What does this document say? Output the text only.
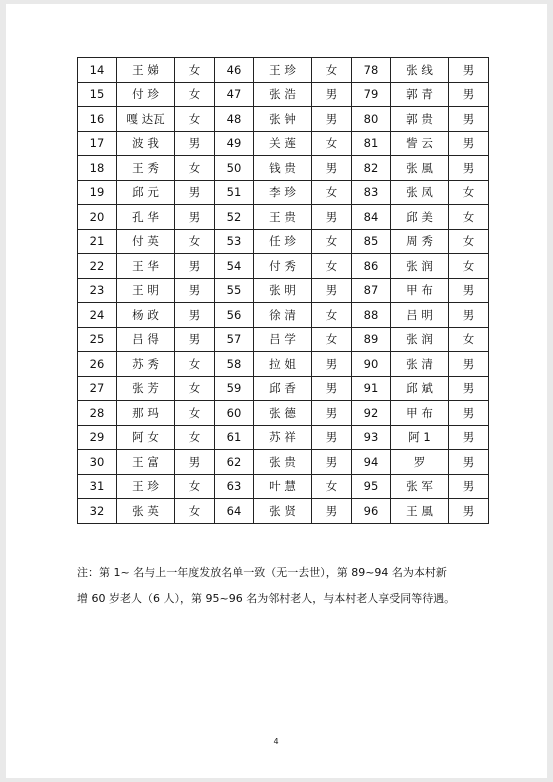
14	王 娣	女	46	王 珍	女	78	张 线	男
15	付 珍	女	47	张 浩	男	79	郭 青	男
16	嘎 达瓦	女	48	张 钟	男	80	郭 贵	男
17	波 我	男	49	关 莲	女	81	訾 云	男
18	王 秀	女	50	钱 贵	男	82	张 風	男
19	邱 元	男	51	李 珍	女	83	张 凤	女
20	孔 华	男	52	王 贵	男	84	邱 美	女
21	付 英	女	53	任 珍	女	85	周 秀	女
22	王 华	男	54	付 秀	女	86	张 润	女
23	王 明	男	55	张 明	男	87	甲 布	男
24	杨 政	男	56	徐 清	女	88	吕 明	男
25	吕 得	男	57	吕 学	女	89	张 润	女
26	苏 秀	女	58	拉 姐	男	90	张 清	男
27	张 芳	女	59	邱 香	男	91	邱 斌	男
28	那 玛	女	60	张 德	男	92	甲 布	男
29	阿 女	女	61	苏 祥	男	93	阿 1	男
30	王 富	男	62	张 贵	男	94	罗	男
31	王 珍	女	63	叶 慧	女	95	张 军	男
32	张 英	女	64	张 贤	男	96	王 風	男
注：第 1~ 名与上一年度发放名单一致（无一去世），第 89~94 名为本村新
增 60 岁老人（6 人），第 95~96 名为邻村老人，与本村老人享受同等待遇。
4
